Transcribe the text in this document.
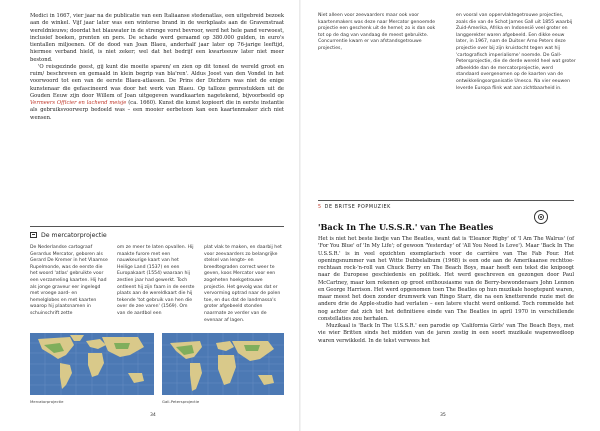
Medici in 1667, vier jaar na de publicatie van een Italiaanse stedenatlas, een uitgebreid bezoek aan de winkel. Vijf jaar later was een winterse brand in de werkplaats aan de Gravenstraat wereldnieuws; doordat het blauwater in de strenge vorst bevroor, werd het hele pand verwoest, inclusief boeken, prenten en pers. De schade werd geraamd op 380.000 gulden, in euro's tientallen miljoenen. Of de dood van Joan Blaeu, anderhalf jaar later op 76-jarige leeftijd, hiermee verband hield, is niet zeker; wel dat het bedrijf een kwarteeuw later niet meer bestond.

'O reisgezinde geest, gij kunt die moeite sparen/ en zien op dit toneel de wereld groot en ruim/ beschreven en gemaald in klein begrip van bla'ren'. Aldus Joost van den Vondel in het voorwoord tot een van de eerste Blaeu-atlassen. De Prins der Dichters was niet de enige kunstenaar die gefascineerd was door het werk van Blaeu. Op talloze genrestukken uit de Gouden Eeuw zijn door Willem of Joan uitgegeven wandkaarten nagetekend, bijvoorbeeld op Vermeers Officier en lachend meisje (ca. 1660). Kunst die kunst kopieert die in eerste instantie als gebruiksvoorwerp bedoeld was – een mooier eerbetoon kan een kaartenmaker zich niet wensen.

De mercatorprojectie

De Nederlandse cartograaf Gerardus Mercator, geboren als Gerard De Kremer in het Vlaamse Rupelmonde, was de eerste die het woord 'atlas' gebruikte voor een verzameling kaarten. Hij had als jonge graveur eer ingelegd met vroege aard- en hemelglobes en met kaarten waarop hij plaatsnamen in schuinschrift zette

om ze meer te laten opvallen. Hij maakte furore met een nauwkeurige kaart van het Heilige Land (1537) en een Europakaart (1554) waaraan hij zestien jaar had gewerkt. Toch ontleent hij zijn faam in de eerste plaats aan de wereldkaart die hij tekende 'tot gebruik van hen die over de zee varen' (1569). Om van de aardbol een

plat vlak te maken, en daarbij het voor zeevaarders zo belangrijke stelsel van lengte- en breedtegraden correct weer te geven, koos Mercator voor een zogeheten hoekgetrouwe projectie. Het gevolg was dat er vervorming optrad naar de polen toe, en dus dat de landmassa's groter afgebeeld stonden naarmate ze verder van de evenaar af lagen.

Mercatorprojectie	Gall-Petersprojectie
34

Niet alleen voor zeevaarders maar ook voor kaartenmakers was deze naar Mercator genoemde projectie een geschenk uit de hemel; zo is dan ook tot op de dag van vandaag de meest gebruikte. Concurrentie kwam er van afstandsgetrouwe projecties,

en vooral van oppervlaktegetrouwe projecties, zoals die van de Schot James Gall uit 1855 waarbij Zuid-Amerika, Afrika en Indonesië veel groter en langgerekter waren afgebeeld. Een dikke eeuw later, in 1967, nam de Duitser Arno Peters deze projectie over bij zijn kruistocht tegen wat hij 'cartografisch imperialisme' noemde. De Gall-Petersprojectie, die de derde wereld heel wat groter afbeeldde dan de mercatorprojectie, werd standaard overgenomen op de kaarten van de ontwikkelingsorganisatie Unesco. Na vier eeuwen leverde Europa flink wat aan zichtbaarheid in.

5 DE BRITSE POPMUZIEK
'Back In The U.S.S.R.' van The Beatles

Het is niet het beste liedje van The Beatles, want dat is 'Eleanor Rigby' of 'I Am The Walrus' (of 'For You Blue' of 'In My Life'; of gewoon 'Yesterday' of 'All You Need Is Love'). Maar 'Back In The U.S.S.R.' is in veel opzichten exemplarisch voor de carrière van The Fab Four. Het openingsnummer van het Witte Dubbelalbum (1968) is een ode aan de Amerikaanse rechttoe-rechtaan rock-'n-roll van Chuck Berry en The Beach Boys, maar heeft een tekst die knipoogt naar de Europese geschiedenis en politiek. Het werd geschreven en gezongen door Paul McCartney, maar ken rekenen op groot enthousiasme van de Berry-bewonderaars John Lennon en George Harrison. Het werd opgenomen toen The Beatles op hun muzikale hoogtepunt waren, maar meest het doen zonder drumwerk van Ringo Starr, die na een knetterende ruzie met de andere drie de Apple-studio had verlaten – een latere vlucht werd ontkend. Toch rommelde het nog achter dat zich tot het definitieve einde van The Beatles in april 1970 in verschillende constellaties zou herhalen.

Muzikaal is 'Back In The U.S.S.R.' een parodie op 'California Girls' van The Beach Boys, met vie wier Britten sinds het midden van de jaren zestig in een soort muzikale wapenwedloop waren verwikkeld. In de tekst verwees het

35
